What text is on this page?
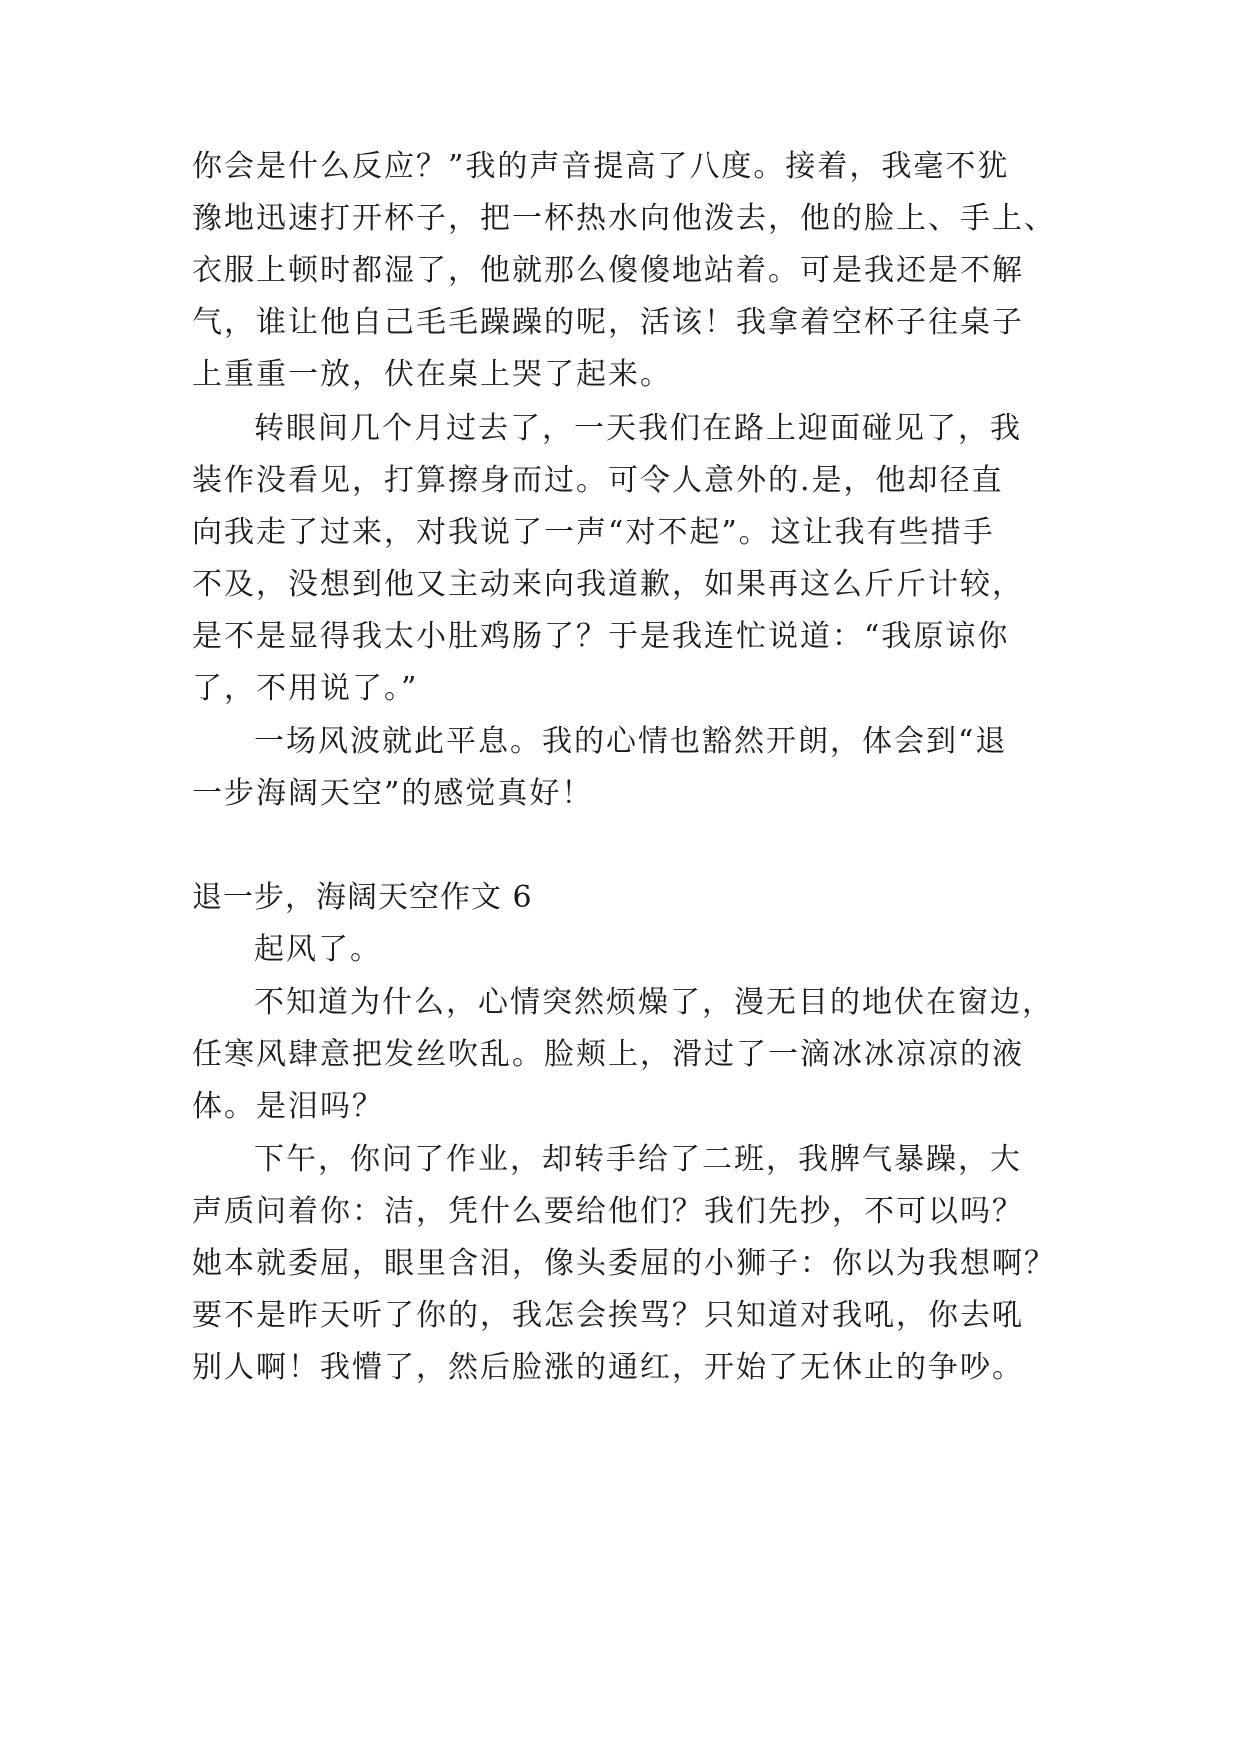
你会是什么反应？”我的声音提高了八度。接着，我毫不犹
豫地迅速打开杯子，把一杯热水向他泼去，他的脸上、手上、
衣服上顿时都湿了，他就那么傻傻地站着。可是我还是不解
气，谁让他自己毛毛躁躁的呢，活该！我拿着空杯子往桌子
上重重一放，伏在桌上哭了起来。
转眼间几个月过去了，一天我们在路上迎面碰见了，我
装作没看见，打算擦身而过。可令人意外的.是，他却径直
向我走了过来，对我说了一声“对不起”。这让我有些措手
不及，没想到他又主动来向我道歉，如果再这么斤斤计较，
是不是显得我太小肚鸡肠了？于是我连忙说道：“我原谅你
了，不用说了。”
一场风波就此平息。我的心情也豁然开朗，体会到“退
一步海阔天空”的感觉真好！
退一步，海阔天空作文 6
起风了。
不知道为什么，心情突然烦燥了，漫无目的地伏在窗边，
任寒风肆意把发丝吹乱。脸颊上，滑过了一滴冰冰凉凉的液
体。是泪吗？
下午，你问了作业，却转手给了二班，我脾气暴躁，大
声质问着你：洁，凭什么要给他们？我们先抄，不可以吗？
她本就委屈，眼里含泪，像头委屈的小狮子：你以为我想啊？
要不是昨天听了你的，我怎会挨骂？只知道对我吼，你去吼
别人啊！我懵了，然后脸涨的通红，开始了无休止的争吵。
